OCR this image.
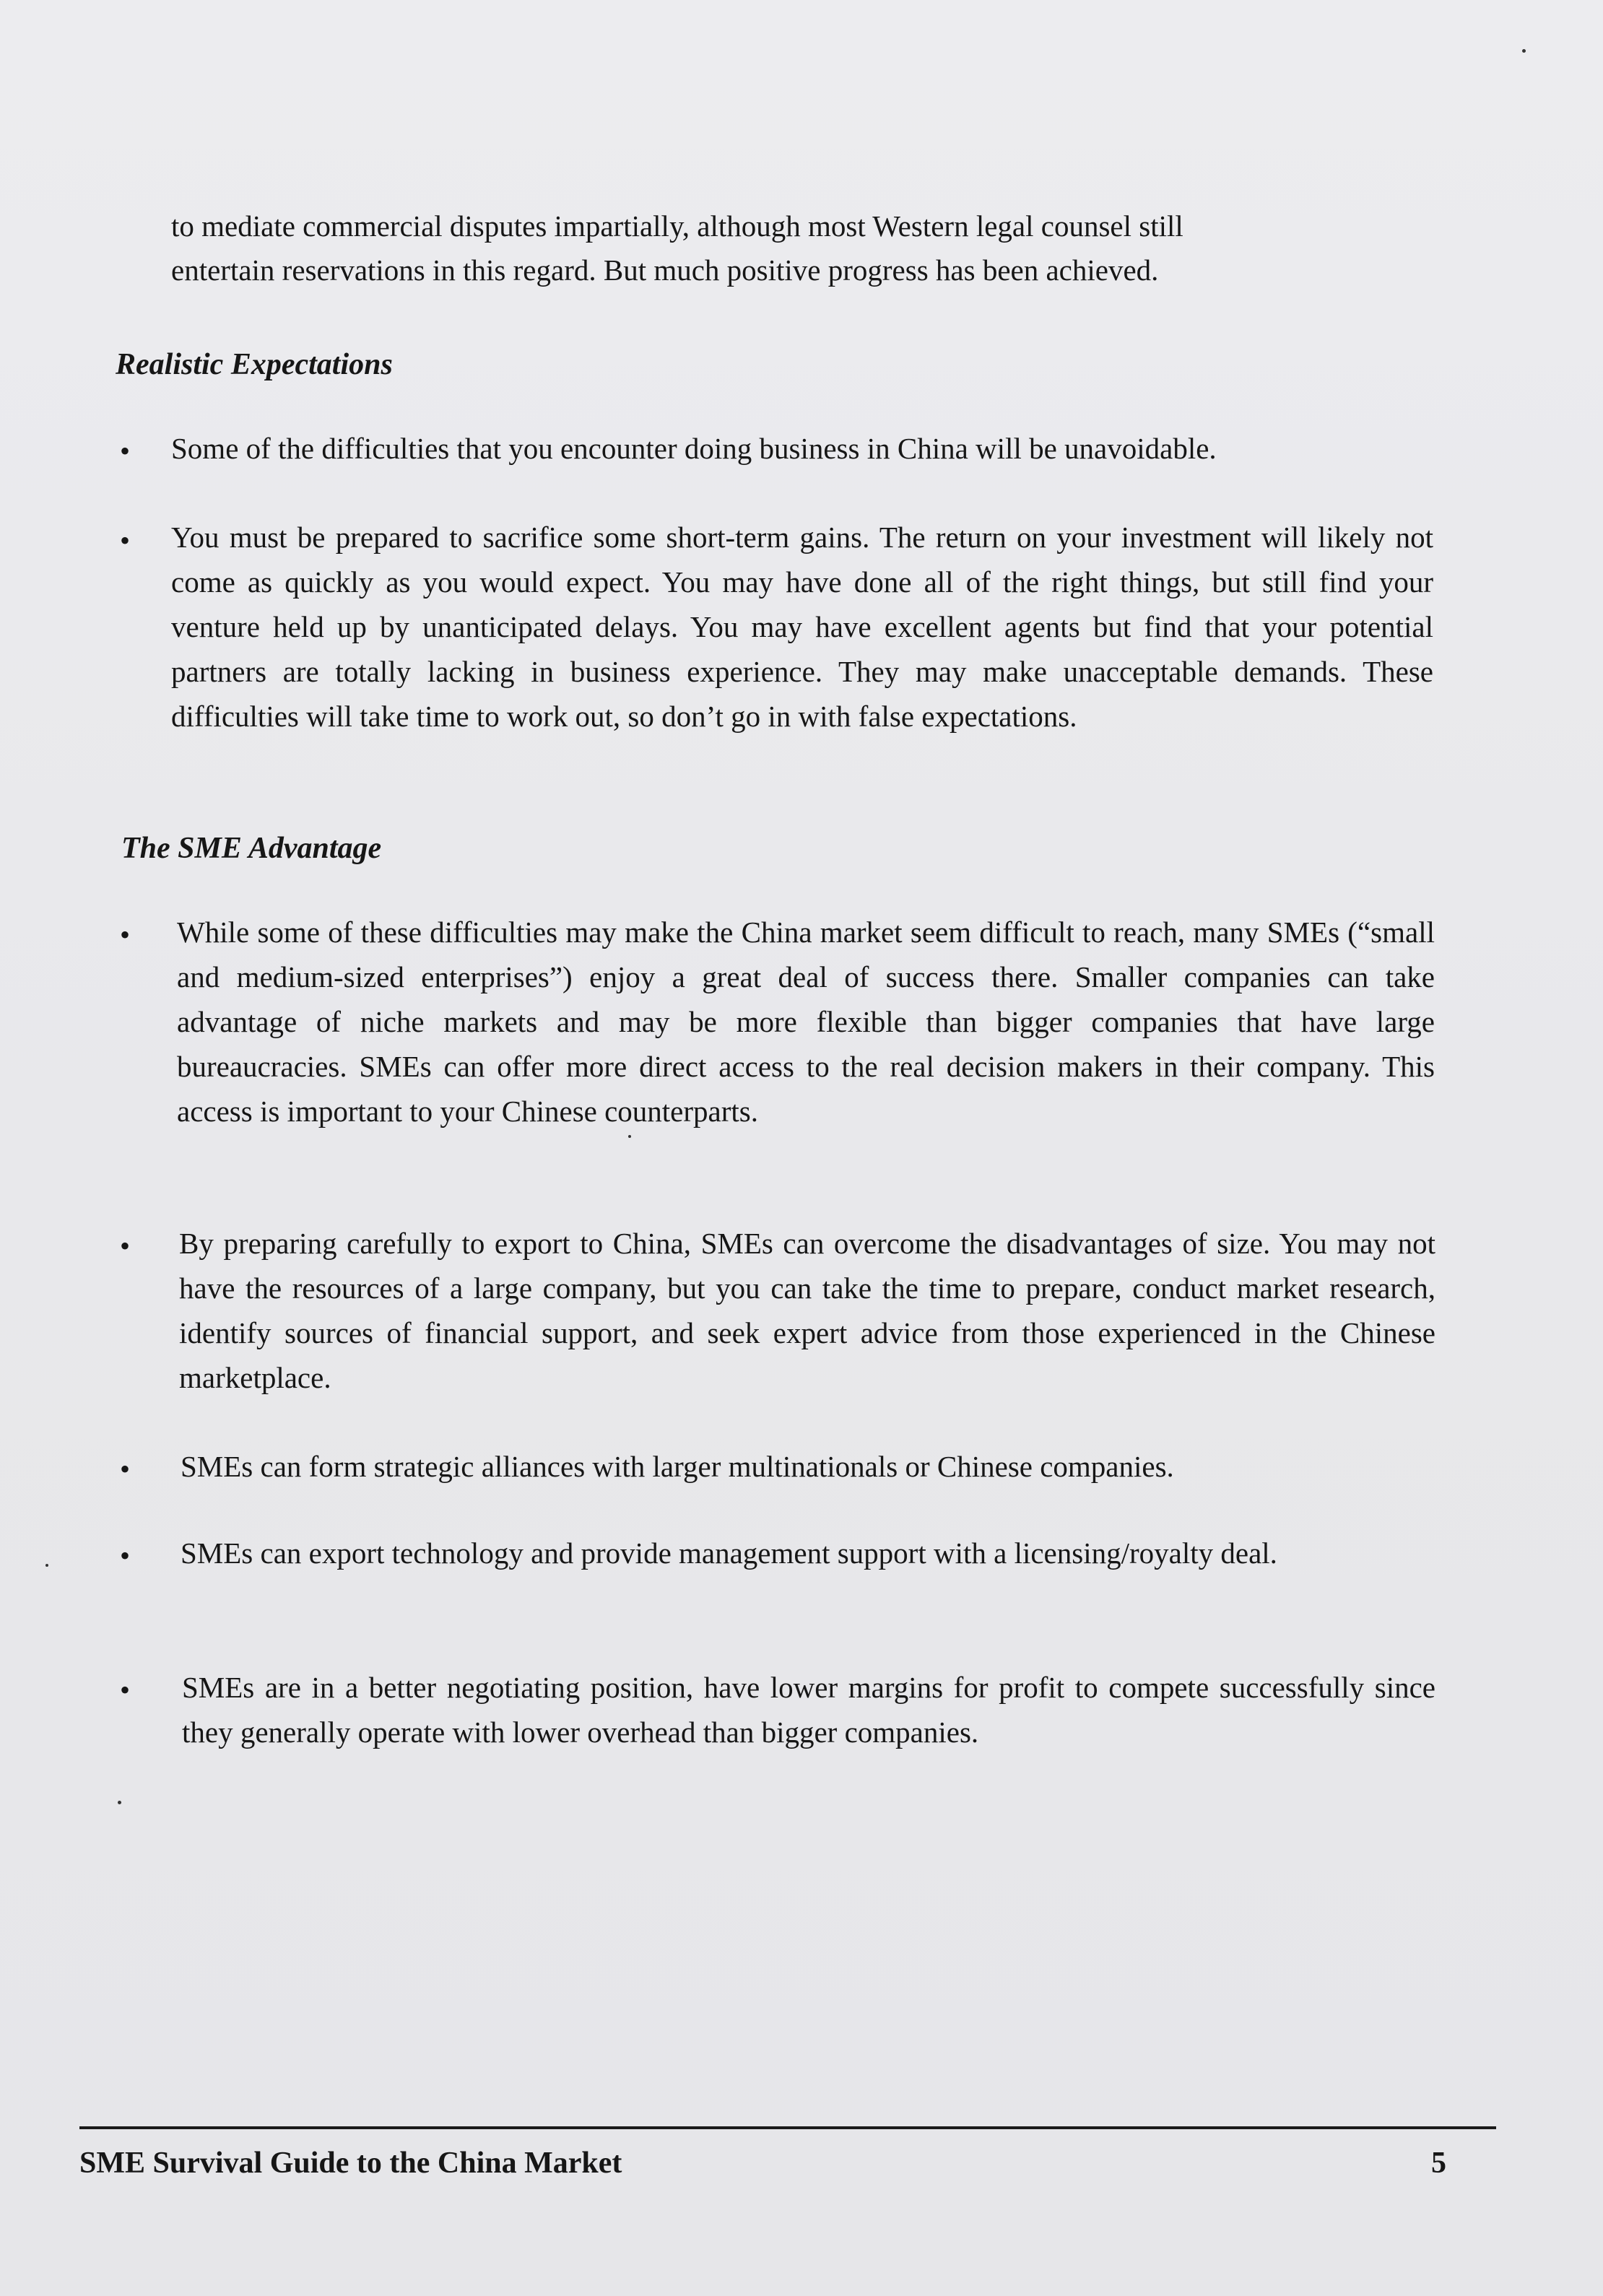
to mediate commercial disputes impartially, although most Western legal counsel still
entertain reservations in this regard. But much positive progress has been achieved.
Realistic Expectations
• Some of the difficulties that you encounter doing business in China will be unavoidable.
• You must be prepared to sacrifice some short-term gains. The return on your investment will likely not come as quickly as you would expect. You may have done all of the right things, but still find your venture held up by unanticipated delays. You may have excellent agents but find that your potential partners are totally lacking in business experience. They may make unacceptable demands. These difficulties will take time to work out, so don’t go in with false expectations.
The SME Advantage
• While some of these difficulties may make the China market seem difficult to reach, many SMEs (“small and medium-sized enterprises”) enjoy a great deal of success there. Smaller companies can take advantage of niche markets and may be more flexible than bigger companies that have large bureaucracies. SMEs can offer more direct access to the real decision makers in their company. This access is important to your Chinese counterparts.
• By preparing carefully to export to China, SMEs can overcome the disadvantages of size. You may not have the resources of a large company, but you can take the time to prepare, conduct market research, identify sources of financial support, and seek expert advice from those experienced in the Chinese marketplace.
• SMEs can form strategic alliances with larger multinationals or Chinese companies.
• SMEs can export technology and provide management support with a licensing/royalty deal.
• SMEs are in a better negotiating position, have lower margins for profit to compete successfully since they generally operate with lower overhead than bigger companies.
SME Survival Guide to the China Market	5
